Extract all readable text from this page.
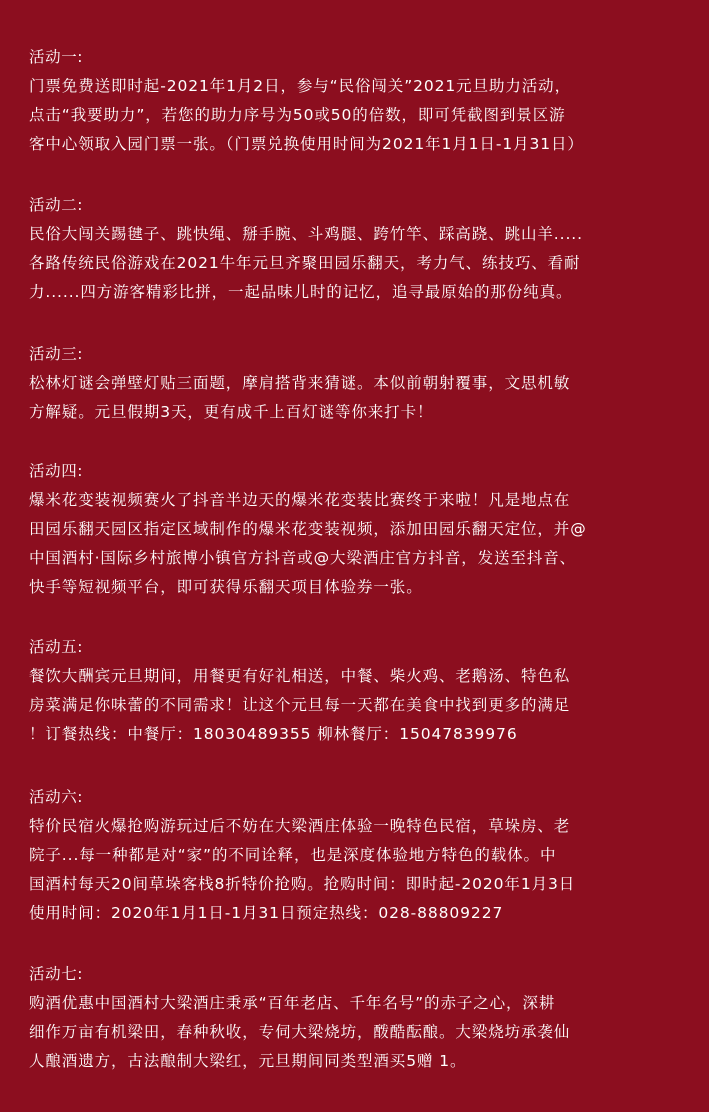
活动一:
门票免费送即时起-2021年1月2日，参与“民俗闯关”2021元旦助力活动，
点击“我要助力”，若您的助力序号为50或50的倍数，即可凭截图到景区游
客中心领取入园门票一张。（门票兑换使用时间为2021年1月1日-1月31日）
活动二:
民俗大闯关踢毽子、跳快绳、掰手腕、斗鸡腿、跨竹竿、踩高跷、跳山羊.....
各路传统民俗游戏在2021牛年元旦齐聚田园乐翻天，考力气、练技巧、看耐
力......四方游客精彩比拼，一起品味儿时的记忆，追寻最原始的那份纯真。
活动三:
松林灯谜会弹壁灯贴三面题，摩肩搭背来猜谜。本似前朝射覆事，文思机敏
方解疑。元旦假期3天，更有成千上百灯谜等你来打卡！
活动四:
爆米花变装视频赛火了抖音半边天的爆米花变装比赛终于来啦！凡是地点在
田园乐翻天园区指定区域制作的爆米花变装视频，添加田园乐翻天定位，并@
中国酒村·国际乡村旅博小镇官方抖音或@大梁酒庄官方抖音，发送至抖音、
快手等短视频平台，即可获得乐翻天项目体验券一张。
活动五:
餐饮大酬宾元旦期间，用餐更有好礼相送，中餐、柴火鸡、老鹅汤、特色私
房菜满足你味蕾的不同需求！让这个元旦每一天都在美食中找到更多的满足
！订餐热线：中餐厅：18030489355 柳林餐厅：15047839976
活动六:
特价民宿火爆抢购游玩过后不妨在大梁酒庄体验一晚特色民宿，草垛房、老
院子...每一种都是对“家”的不同诠释，也是深度体验地方特色的载体。中
国酒村每天20间草垛客栈8折特价抢购。抢购时间：即时起-2020年1月3日
使用时间：2020年1月1日-1月31日预定热线：028-88809227
活动七:
购酒优惠中国酒村大梁酒庄秉承“百年老店、千年名号”的赤子之心，深耕
细作万亩有机梁田，春种秋收，专伺大梁烧坊，酦酷酝酿。大梁烧坊承袭仙
人酿酒遗方，古法酿制大梁红，元旦期间同类型酒买5赠 1。
